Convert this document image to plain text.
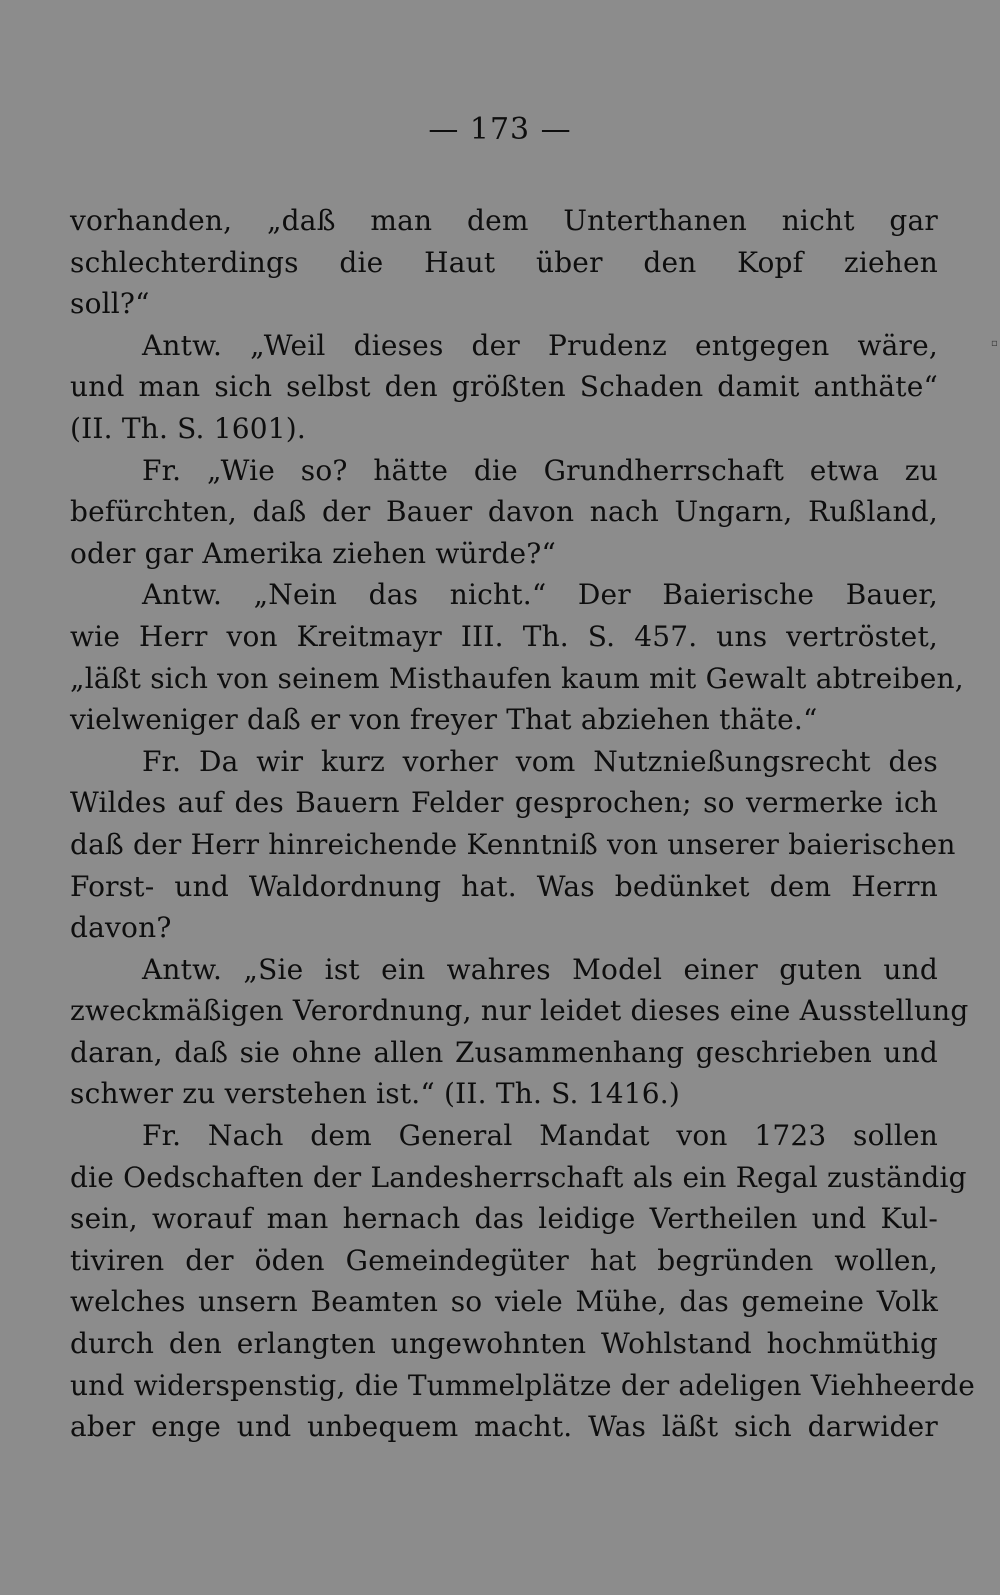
— 173 —
vorhanden, „daß man dem Unterthanen nicht gar
schlechterdings die Haut über den Kopf ziehen
soll?“
Antw. „Weil dieses der Prudenz entgegen wäre,
und man sich selbst den größten Schaden damit anthäte“
(II. Th. S. 1601).
Fr. „Wie so? hätte die Grundherrschaft etwa zu
befürchten, daß der Bauer davon nach Ungarn, Rußland,
oder gar Amerika ziehen würde?“
Antw. „Nein das nicht.“ Der Baierische Bauer,
wie Herr von Kreitmayr III. Th. S. 457. uns vertröstet,
„läßt sich von seinem Misthaufen kaum mit Gewalt abtreiben,
vielweniger daß er von freyer That abziehen thäte.“
Fr. Da wir kurz vorher vom Nutznießungsrecht des
Wildes auf des Bauern Felder gesprochen; so vermerke ich
daß der Herr hinreichende Kenntniß von unserer baierischen
Forst- und Waldordnung hat. Was bedünket dem Herrn
davon?
Antw. „Sie ist ein wahres Model einer guten und
zweckmäßigen Verordnung, nur leidet dieses eine Ausstellung
daran, daß sie ohne allen Zusammenhang geschrieben und
schwer zu verstehen ist.“ (II. Th. S. 1416.)
Fr. Nach dem General Mandat von 1723 sollen
die Oedschaften der Landesherrschaft als ein Regal zuständig
sein, worauf man hernach das leidige Vertheilen und Kul-
tiviren der öden Gemeindegüter hat begründen wollen,
welches unsern Beamten so viele Mühe, das gemeine Volk
durch den erlangten ungewohnten Wohlstand hochmüthig
und widerspenstig, die Tummelplätze der adeligen Viehheerde
aber enge und unbequem macht. Was läßt sich darwider
▫
